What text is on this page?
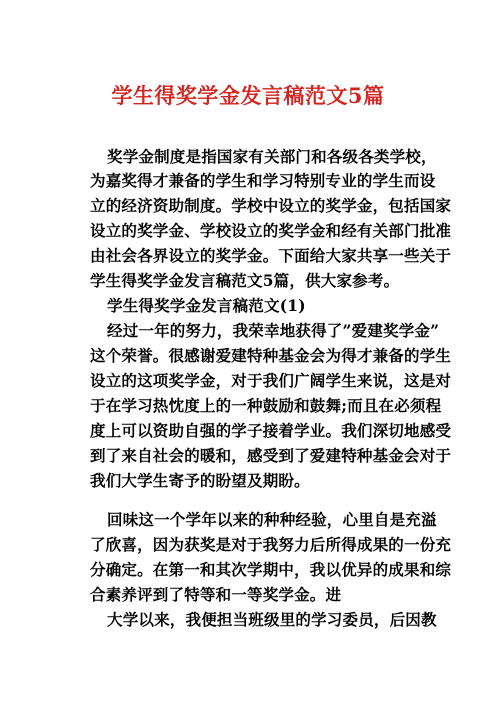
学生得奖学金发言稿范文5篇
奖学金制度是指国家有关部门和各级各类学校，
为嘉奖得才兼备的学生和学习特别专业的学生而设
立的经济资助制度。学校中设立的奖学金，包括国家
设立的奖学金、学校设立的奖学金和经有关部门批准
由社会各界设立的奖学金。下面给大家共享一些关于
学生得奖学金发言稿范文5篇，供大家参考。
学生得奖学金发言稿范文(1)
经过一年的努力，我荣幸地获得了”爱建奖学金”
这个荣誉。很感谢爱建特种基金会为得才兼备的学生
设立的这项奖学金，对于我们广阔学生来说，这是对
于在学习热忱度上的一种鼓励和鼓舞;而且在必须程
度上可以资助自强的学子接着学业。我们深切地感受
到了来自社会的暖和，感受到了爱建特种基金会对于
我们大学生寄予的盼望及期盼。
回味这一个学年以来的种种经验，心里自是充溢
了欣喜，因为获奖是对于我努力后所得成果的一份充
分确定。在第一和其次学期中，我以优异的成果和综
合素养评到了特等和一等奖学金。进
大学以来，我便担当班级里的学习委员，后因教
